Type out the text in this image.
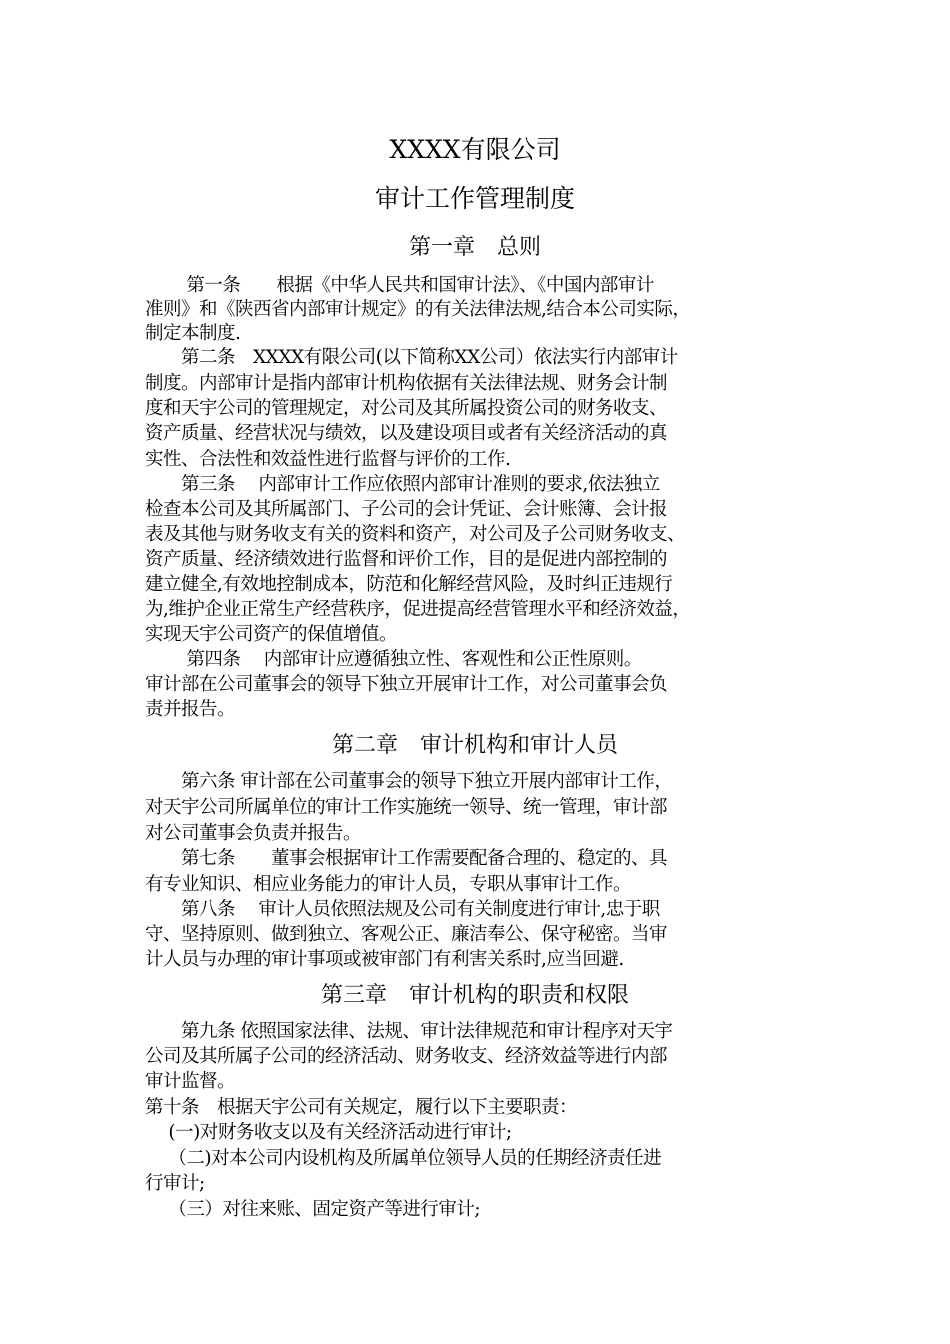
XXXX有限公司
审计工作管理制度
第一章　总则
　　 第一条　　根据《中华人民共和国审计法》、《中国内部审计
准则》和《陕西省内部审计规定》的有关法律法规,结合本公司实际，
制定本制度.
　　第二条　XXXX有限公司(以下简称XX公司）依法实行内部审计
制度。内部审计是指内部审计机构依据有关法律法规、财务会计制
度和天宇公司的管理规定，对公司及其所属投资公司的财务收支、
资产质量、经营状况与绩效，以及建设项目或者有关经济活动的真
实性、合法性和效益性进行监督与评价的工作.
　　第三条　 内部审计工作应依照内部审计准则的要求,依法独立
检查本公司及其所属部门、子公司的会计凭证、会计账簿、会计报
表及其他与财务收支有关的资料和资产，对公司及子公司财务收支、
资产质量、经济绩效进行监督和评价工作，目的是促进内部控制的
建立健全,有效地控制成本，防范和化解经营风险，及时纠正违规行
为,维护企业正常生产经营秩序，促进提高经营管理水平和经济效益，
实现天宇公司资产的保值增值。
　　 第四条　 内部审计应遵循独立性、客观性和公正性原则。
审计部在公司董事会的领导下独立开展审计工作，对公司董事会负
责并报告。
第二章　审计机构和审计人员
　　第六条 审计部在公司董事会的领导下独立开展内部审计工作，
对天宇公司所属单位的审计工作实施统一领导、统一管理，审计部
对公司董事会负责并报告。
　　第七条　　董事会根据审计工作需要配备合理的、稳定的、具
有专业知识、相应业务能力的审计人员，专职从事审计工作。
　　第八条　 审计人员依照法规及公司有关制度进行审计,忠于职
守、坚持原则、做到独立、客观公正、廉洁奉公、保守秘密。当审
计人员与办理的审计事项或被审部门有利害关系时,应当回避.
第三章　审计机构的职责和权限
　　第九条 依照国家法律、法规、审计法律规范和审计程序对天宇
公司及其所属子公司的经济活动、财务收支、经济效益等进行内部
审计监督。
第十条　根据天宇公司有关规定，履行以下主要职责：
　 (一)对财务收支以及有关经济活动进行审计;
　 （二)对本公司内设机构及所属单位领导人员的任期经济责任进
行审计;
　 （三）对往来账、固定资产等进行审计;
